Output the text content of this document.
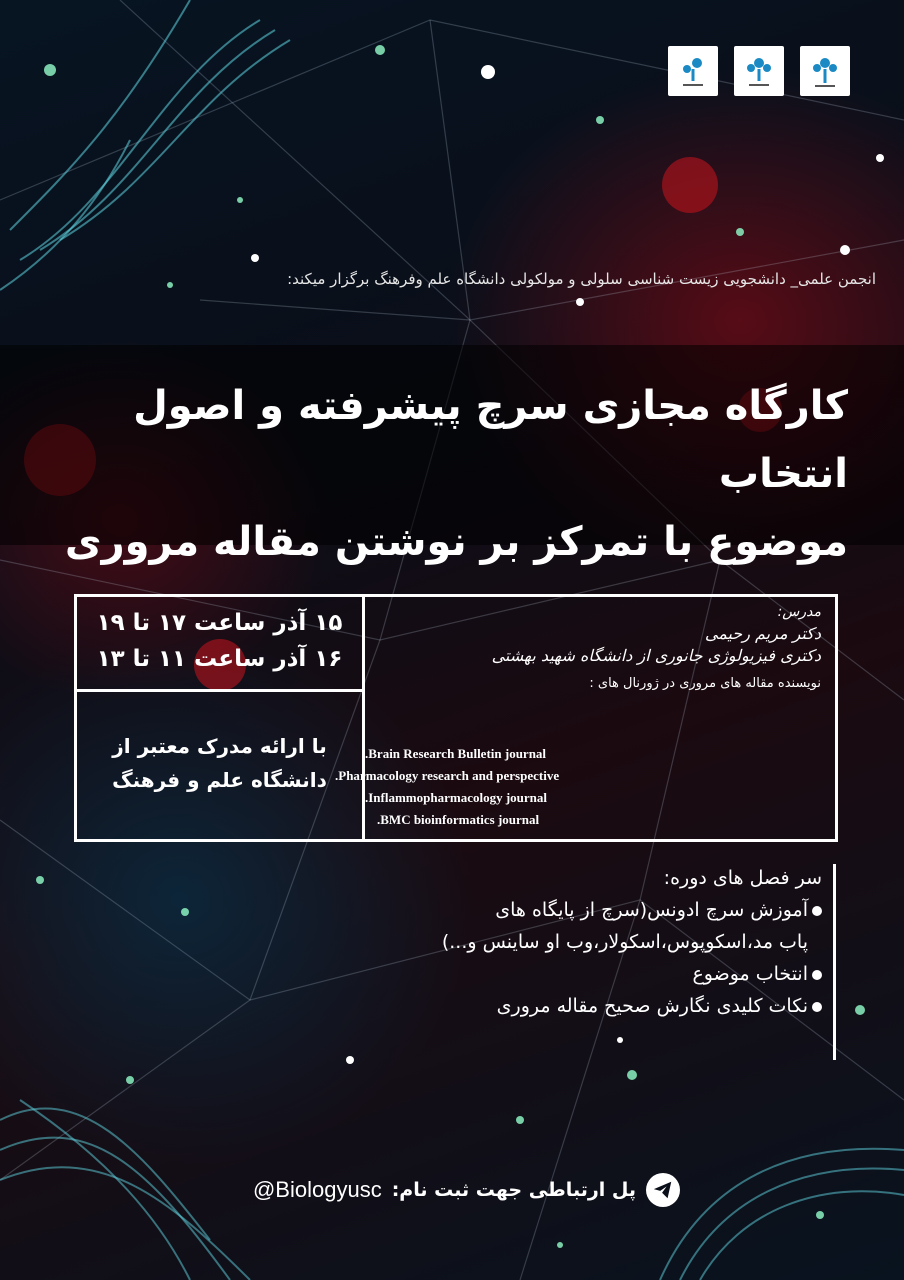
انجمن علمی_ دانشجویی زیست شناسی سلولی و مولکولی دانشگاه علم وفرهنگ برگزار میکند:
کارگاه مجازی سرچ پیشرفته و اصول انتخاب
موضوع با تمرکز بر نوشتن مقاله مروری
۱۵ آذر ساعت ۱۷ تا ۱۹
۱۶ آذر ساعت ۱۱ تا ۱۳
با ارائه مدرک معتبر از
دانشگاه علم و فرهنگ
مدرس:
دکتر مریم رحیمی
دکتری فیزیولوژی جانوری از دانشگاه شهید بهشتی
نویسنده مقاله های مروری در ژورنال های :
.Brain Research Bulletin journal
.Pharmacology research and perspective
.Inflammopharmacology journal
.BMC bioinformatics journal
سر فصل های دوره:
آموزش سرچ ادونس(سرچ از پایگاه های
پاب مد،اسکوپوس،اسکولار،وب او ساینس و...)
انتخاب موضوع
نکات کلیدی نگارش صحیح مقاله مروری
@Biologyusc پل ارتباطی جهت ثبت نام:
